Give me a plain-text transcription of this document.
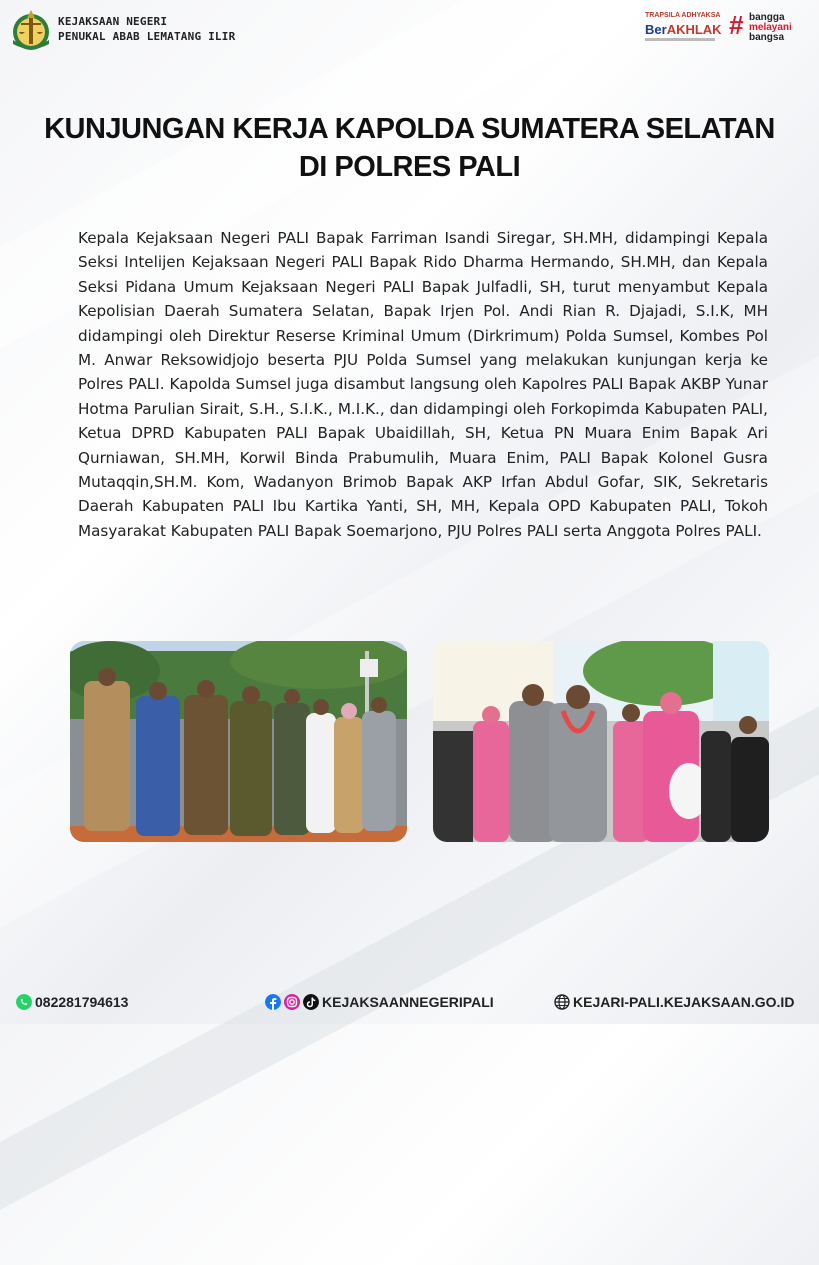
KEJAKSAAN NEGERI
PENUKAL ABAB LEMATANG ILIR
TRAPSILA ADHYAKSA
BerAKHLAK # bangga
melayani
bangsa
KUNJUNGAN KERJA KAPOLDA SUMATERA SELATAN
DI POLRES PALI
Kepala Kejaksaan Negeri PALI Bapak Farriman Isandi Siregar, SH.MH, didampingi Kepala Seksi Intelijen Kejaksaan Negeri PALI Bapak Rido Dharma Hermando, SH.MH, dan Kepala Seksi Pidana Umum Kejaksaan Negeri PALI Bapak Julfadli, SH, turut menyambut Kepala Kepolisian Daerah Sumatera Selatan, Bapak Irjen Pol. Andi Rian R. Djajadi, S.I.K, MH didampingi oleh Direktur Reserse Kriminal Umum (Dirkrimum) Polda Sumsel, Kombes Pol M. Anwar Reksowidjojo beserta PJU Polda Sumsel yang melakukan kunjungan kerja ke Polres PALI. Kapolda Sumsel juga disambut langsung oleh Kapolres PALI Bapak AKBP Yunar Hotma Parulian Sirait, S.H., S.I.K., M.I.K., dan didampingi oleh Forkopimda Kabupaten PALI, Ketua DPRD Kabupaten PALI Bapak Ubaidillah, SH, Ketua PN Muara Enim Bapak Ari Qurniawan, SH.MH, Korwil Binda Prabumulih, Muara Enim, PALI Bapak Kolonel Gusra Mutaqqin,SH.M. Kom, Wadanyon Brimob Bapak AKP Irfan Abdul Gofar, SIK, Sekretaris Daerah Kabupaten PALI Ibu Kartika Yanti, SH, MH, Kepala OPD Kabupaten PALI, Tokoh Masyarakat Kabupaten PALI Bapak Soemarjono, PJU Polres PALI serta Anggota Polres PALI.
082281794613	KEJAKSAANNEGERIPALI	KEJARI-PALI.KEJAKSAAN.GO.ID
